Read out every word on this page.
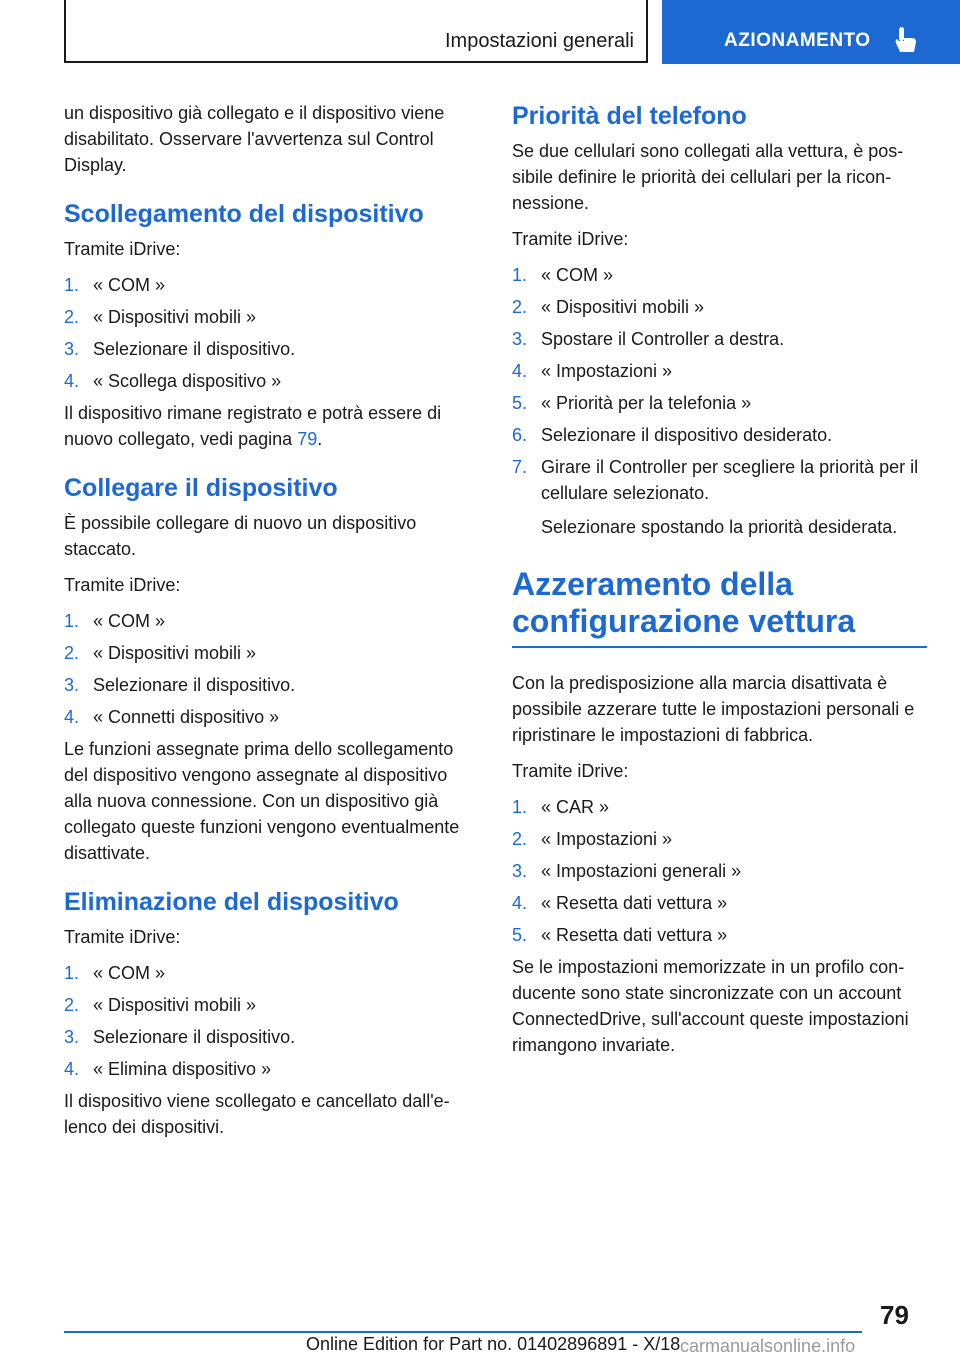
Impostazioni generali	AZIONAMENTO

un dispositivo già collegato e il dispositivo viene disabilitato. Osservare l'avvertenza sul Control Display.

Scollegamento del dispositivo

Tramite iDrive:

1. « COM »
2. « Dispositivi mobili »
3. Selezionare il dispositivo.
4. « Scollega dispositivo »

Il dispositivo rimane registrato e potrà essere di nuovo collegato, vedi pagina 79.

Collegare il dispositivo

È possibile collegare di nuovo un dispositivo staccato.

Tramite iDrive:

1. « COM »
2. « Dispositivi mobili »
3. Selezionare il dispositivo.
4. « Connetti dispositivo »

Le funzioni assegnate prima dello scollegamento del dispositivo vengono assegnate al dispositivo alla nuova connessione. Con un dispositivo già collegato queste funzioni vengono eventualmente disattivate.

Eliminazione del dispositivo

Tramite iDrive:

1. « COM »
2. « Dispositivi mobili »
3. Selezionare il dispositivo.
4. « Elimina dispositivo »

Il dispositivo viene scollegato e cancellato dall'elenco dei dispositivi.

Priorità del telefono

Se due cellulari sono collegati alla vettura, è possibile definire le priorità dei cellulari per la riconnessione.

Tramite iDrive:

1. « COM »
2. « Dispositivi mobili »
3. Spostare il Controller a destra.
4. « Impostazioni »
5. « Priorità per la telefonia »
6. Selezionare il dispositivo desiderato.
7. Girare il Controller per scegliere la priorità per il cellulare selezionato.
Selezionare spostando la priorità desiderata.
Azzeramento della configurazione vettura

Con la predisposizione alla marcia disattivata è possibile azzerare tutte le impostazioni personali e ripristinare le impostazioni di fabbrica.

Tramite iDrive:

1. « CAR »
2. « Impostazioni »
3. « Impostazioni generali »
4. « Resetta dati vettura »
5. « Resetta dati vettura »

Se le impostazioni memorizzate in un profilo conducente sono state sincronizzate con un account ConnectedDrive, sull'account queste impostazioni rimangono invariate.

79
Online Edition for Part no. 01402896891 - X/18 carmanualsonline.info
